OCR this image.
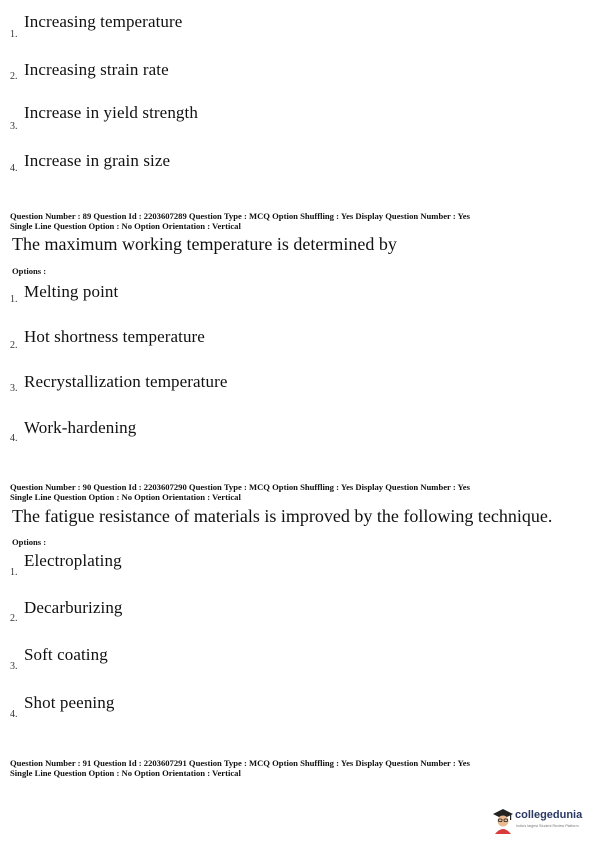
1.
Increasing temperature
2. Increasing strain rate
3.
Increase in yield strength
4. Increase in grain size
Question Number : 89 Question Id : 2203607289 Question Type : MCQ Option Shuffling : Yes Display Question Number : Yes
Single Line Question Option : No Option Orientation : Vertical
The maximum working temperature is determined by
Options :
1. Melting point
2. Hot shortness temperature
3. Recrystallization temperature
4.
Work-hardening
Question Number : 90 Question Id : 2203607290 Question Type : MCQ Option Shuffling : Yes Display Question Number : Yes
Single Line Question Option : No Option Orientation : Vertical
The fatigue resistance of materials is improved by the following technique.
Options :
1.
Electroplating
2.
Decarburizing
3.
Soft coating
4.
Shot peening
Question Number : 91 Question Id : 2203607291 Question Type : MCQ Option Shuffling : Yes Display Question Number : Yes
Single Line Question Option : No Option Orientation : Vertical
collegedunia
India's largest Student Review Platform
